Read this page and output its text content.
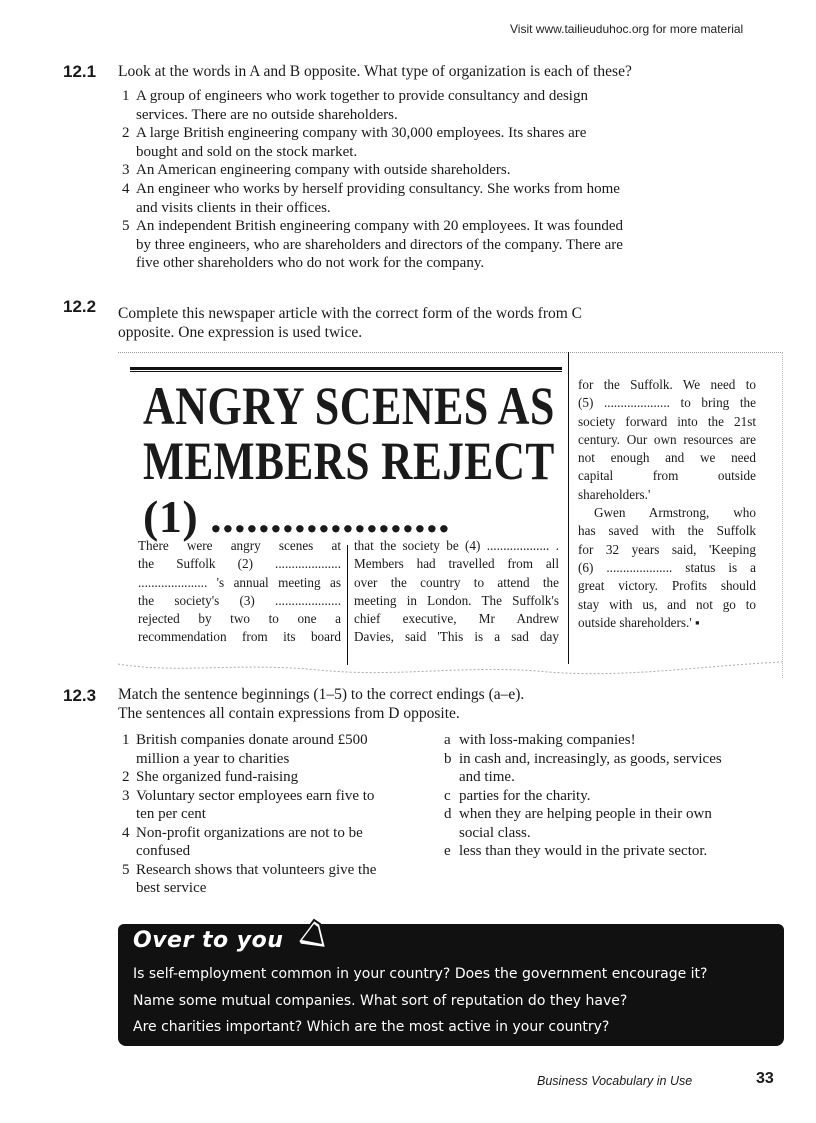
Visit www.tailieuduhoc.org for more material
12.1 Look at the words in A and B opposite. What type of organization is each of these?
1 A group of engineers who work together to provide consultancy and design
services. There are no outside shareholders.
2 A large British engineering company with 30,000 employees. Its shares are
bought and sold on the stock market.
3 An American engineering company with outside shareholders.
4 An engineer who works by herself providing consultancy. She works from home
and visits clients in their offices.
5 An independent British engineering company with 20 employees. It was founded
by three engineers, who are shareholders and directors of the company. There are
five other shareholders who do not work for the company.
12.2 Complete this newspaper article with the correct form of the words from C
opposite. One expression is used twice.
ANGRY SCENES AS
MEMBERS REJECT
(1) ....................
There were angry scenes at
the Suffolk (2) ....................
..................... 's annual meeting as
the society's (3) ....................
rejected by two to one a
recommendation from its board
that the society be (4) ................... .
Members had travelled from all
over the country to attend the
meeting in London. The Suffolk's
chief executive, Mr Andrew
Davies, said 'This is a sad day
for the Suffolk. We need to
(5) .................... to bring the
society forward into the 21st
century. Our own resources are
not enough and we need
capital from outside
shareholders.'
Gwen Armstrong, who
has saved with the Suffolk
for 32 years said, 'Keeping
(6) .................... status is a
great victory. Profits should
stay with us, and not go to
outside shareholders.' ▪
12.3 Match the sentence beginnings (1–5) to the correct endings (a–e).
The sentences all contain expressions from D opposite.
1 British companies donate around £500
million a year to charities
2 She organized fund-raising
3 Voluntary sector employees earn five to
ten per cent
4 Non-profit organizations are not to be
confused
5 Research shows that volunteers give the
best service
a with loss-making companies!
b in cash and, increasingly, as goods, services
and time.
c parties for the charity.
d when they are helping people in their own
social class.
e less than they would in the private sector.
Over to you
Is self-employment common in your country? Does the government encourage it?
Name some mutual companies. What sort of reputation do they have?
Are charities important? Which are the most active in your country?
Business Vocabulary in Use	33
